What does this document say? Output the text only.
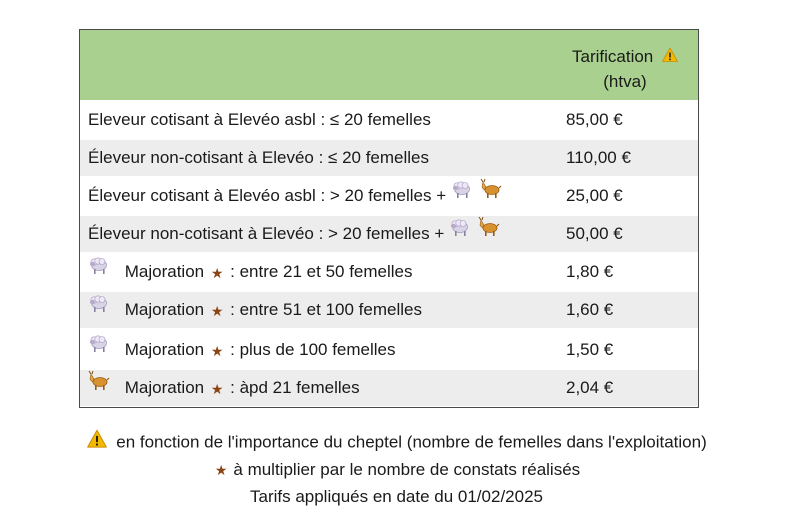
Tarification
(htva)
Eleveur cotisant à Elevéo asbl : ≤ 20 femelles	85,00 €
Éleveur non-cotisant à Elevéo : ≤ 20 femelles	110,00 €
Éleveur cotisant à Elevéo asbl : > 20 femelles +	25,00 €
Éleveur non-cotisant à Elevéo : > 20 femelles +	50,00 €
Majoration ★ : entre 21 et 50 femelles	1,80 €
Majoration ★ : entre 51 et 100 femelles	1,60 €
Majoration ★ : plus de 100 femelles	1,50 €
Majoration ★ : àpd 21 femelles	2,04 €
en fonction de l'importance du cheptel (nombre de femelles dans l'exploitation)
★ à multiplier par le nombre de constats réalisés
Tarifs appliqués en date du 01/02/2025
